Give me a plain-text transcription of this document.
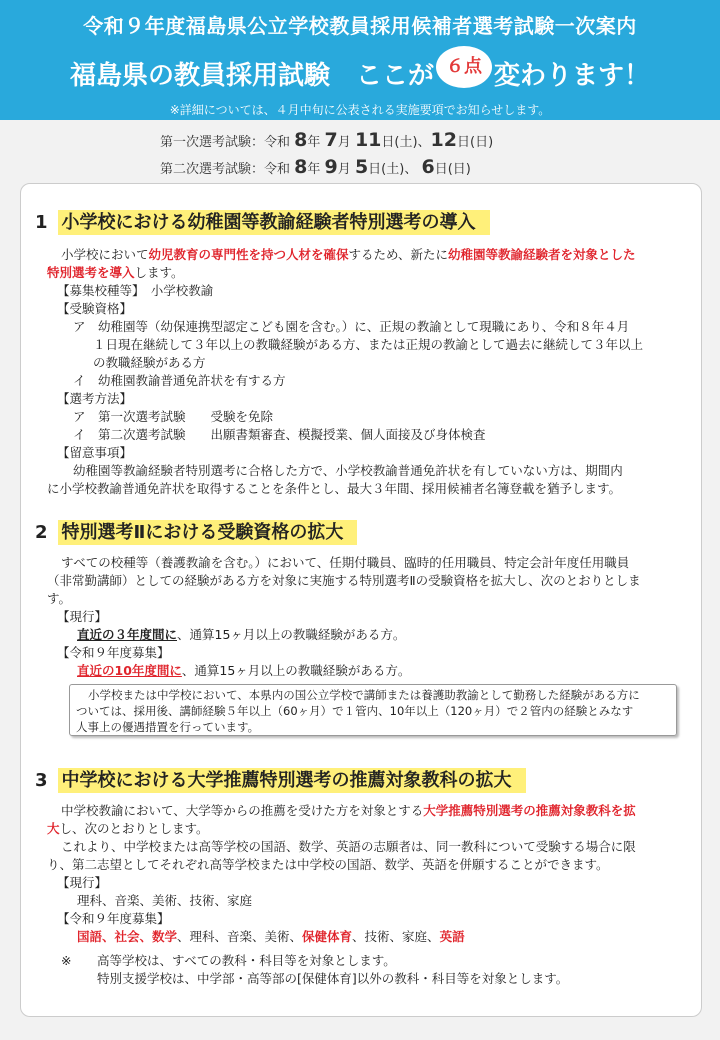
令和９年度福島県公立学校教員採用候補者選考試験一次案内
福島県の教員採用試験　ここが ６点 変わります！
※詳細については、４月中旬に公表される実施要項でお知らせします。
第一次選考試験：令和 8年 7月 11日(土)、12日(日)
第二次選考試験：令和 8年 9月 5日(土)、 6日(日)
1 小学校における幼稚園等教諭経験者特別選考の導入
小学校において幼児教育の専門性を持つ人材を確保するため、新たに幼稚園等教諭経験者を対象とした
特別選考を導入します。
【募集校種等】　小学校教諭
【受験資格】
ア　幼稚園等（幼保連携型認定こども園を含む。）に、正規の教諭として現職にあり、令和８年４月
１日現在継続して３年以上の教職経験がある方、または正規の教諭として過去に継続して３年以上
の教職経験がある方
イ　幼稚園教諭普通免許状を有する方
【選考方法】
ア　第一次選考試験　　受験を免除
イ　第二次選考試験　　出願書類審査、模擬授業、個人面接及び身体検査
【留意事項】
幼稚園等教諭経験者特別選考に合格した方で、小学校教諭普通免許状を有していない方は、期間内
に小学校教諭普通免許状を取得することを条件とし、最大３年間、採用候補者名簿登載を猶予します。
2 特別選考Ⅱにおける受験資格の拡大
すべての校種等（養護教諭を含む。）において、任期付職員、臨時的任用職員、特定会計年度任用職員
（非常勤講師）としての経験がある方を対象に実施する特別選考Ⅱの受験資格を拡大し、次のとおりとしま
す。
【現行】
直近の３年度間に、通算15ヶ月以上の教職経験がある方。
【令和９年度募集】
直近の10年度間に、通算15ヶ月以上の教職経験がある方。
小学校または中学校において、本県内の国公立学校で講師または養護助教諭として勤務した経験がある方に
ついては、採用後、講師経験５年以上（60ヶ月）で１管内、10年以上（120ヶ月）で２管内の経験とみなす
人事上の優遇措置を行っています。
3 中学校における大学推薦特別選考の推薦対象教科の拡大
中学校教諭において、大学等からの推薦を受けた方を対象とする大学推薦特別選考の推薦対象教科を拡
大し、次のとおりとします。
これより、中学校または高等学校の国語、数学、英語の志願者は、同一教科について受験する場合に限
り、第二志望としてそれぞれ高等学校または中学校の国語、数学、英語を併願することができます。
【現行】
理科、音楽、美術、技術、家庭
【令和９年度募集】
国語、社会、数学、理科、音楽、美術、保健体育、技術、家庭、英語
※ 高等学校は、すべての教科・科目等を対象とします。
特別支援学校は、中学部・高等部の[保健体育]以外の教科・科目等を対象とします。
